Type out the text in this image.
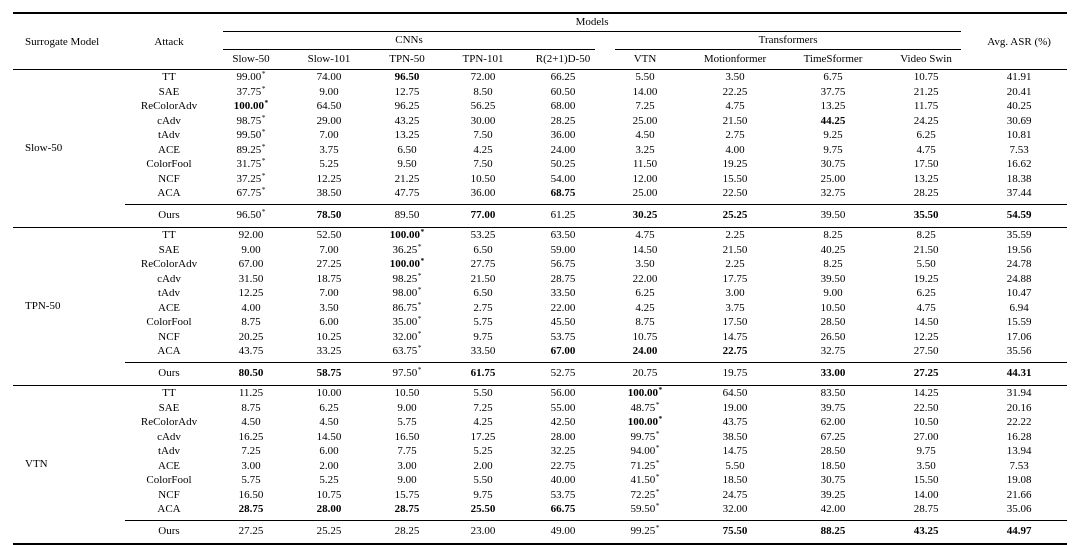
Surrogate Model	Attack	Models									Avg. ASR (%)

		CNNs					Transformers				

		Slow-50	Slow-101	TPN-50	TPN-101	R(2+1)D-50	VTN	Motionformer	TimeSformer	Video Swin	
Slow-50	TT	99.00*	74.00	96.50	72.00	66.25	5.50	3.50	6.75	10.75	41.91
	SAE	37.75*	9.00	12.75	8.50	60.50	14.00	22.25	37.75	21.25	20.41
	ReColorAdv	100.00*	64.50	96.25	56.25	68.00	7.25	4.75	13.25	11.75	40.25
	cAdv	98.75*	29.00	43.25	30.00	28.25	25.00	21.50	44.25	24.25	30.69
	tAdv	99.50*	7.00	13.25	7.50	36.00	4.50	2.75	9.25	6.25	10.81
	ACE	89.25*	3.75	6.50	4.25	24.00	3.25	4.00	9.75	4.75	7.53
	ColorFool	31.75*	5.25	9.50	7.50	50.25	11.50	19.25	30.75	17.50	16.62
	NCF	37.25*	12.25	21.25	10.50	54.00	12.00	15.50	25.00	13.25	18.38
	ACA	67.75*	38.50	47.75	36.00	68.75	25.00	22.50	32.75	28.25	37.44
	Ours	96.50*	78.50	89.50	77.00	61.25	30.25	25.25	39.50	35.50	54.59
TPN-50	TT	92.00	52.50	100.00*	53.25	63.50	4.75	2.25	8.25	8.25	35.59
	SAE	9.00	7.00	36.25*	6.50	59.00	14.50	21.50	40.25	21.50	19.56
	ReColorAdv	67.00	27.25	100.00*	27.75	56.75	3.50	2.25	8.25	5.50	24.78
	cAdv	31.50	18.75	98.25*	21.50	28.75	22.00	17.75	39.50	19.25	24.88
	tAdv	12.25	7.00	98.00*	6.50	33.50	6.25	3.00	9.00	6.25	10.47
	ACE	4.00	3.50	86.75*	2.75	22.00	4.25	3.75	10.50	4.75	6.94
	ColorFool	8.75	6.00	35.00*	5.75	45.50	8.75	17.50	28.50	14.50	15.59
	NCF	20.25	10.25	32.00*	9.75	53.75	10.75	14.75	26.50	12.25	17.06
	ACA	43.75	33.25	63.75*	33.50	67.00	24.00	22.75	32.75	27.50	35.56
	Ours	80.50	58.75	97.50*	61.75	52.75	20.75	19.75	33.00	27.25	44.31
VTN	TT	11.25	10.00	10.50	5.50	56.00	100.00*	64.50	83.50	14.25	31.94
	SAE	8.75	6.25	9.00	7.25	55.00	48.75*	19.00	39.75	22.50	20.16
	ReColorAdv	4.50	4.50	5.75	4.25	42.50	100.00*	43.75	62.00	10.50	22.22
	cAdv	16.25	14.50	16.50	17.25	28.00	99.75*	38.50	67.25	27.00	16.28
	tAdv	7.25	6.00	7.75	5.25	32.25	94.00*	14.75	28.50	9.75	13.94
	ACE	3.00	2.00	3.00	2.00	22.75	71.25*	5.50	18.50	3.50	7.53
	ColorFool	5.75	5.25	9.00	5.50	40.00	41.50*	18.50	30.75	15.50	19.08
	NCF	16.50	10.75	15.75	9.75	53.75	72.25*	24.75	39.25	14.00	21.66
	ACA	28.75	28.00	28.75	25.50	66.75	59.50*	32.00	42.00	28.75	35.06
	Ours	27.25	25.25	28.25	23.00	49.00	99.25*	75.50	88.25	43.25	44.97
